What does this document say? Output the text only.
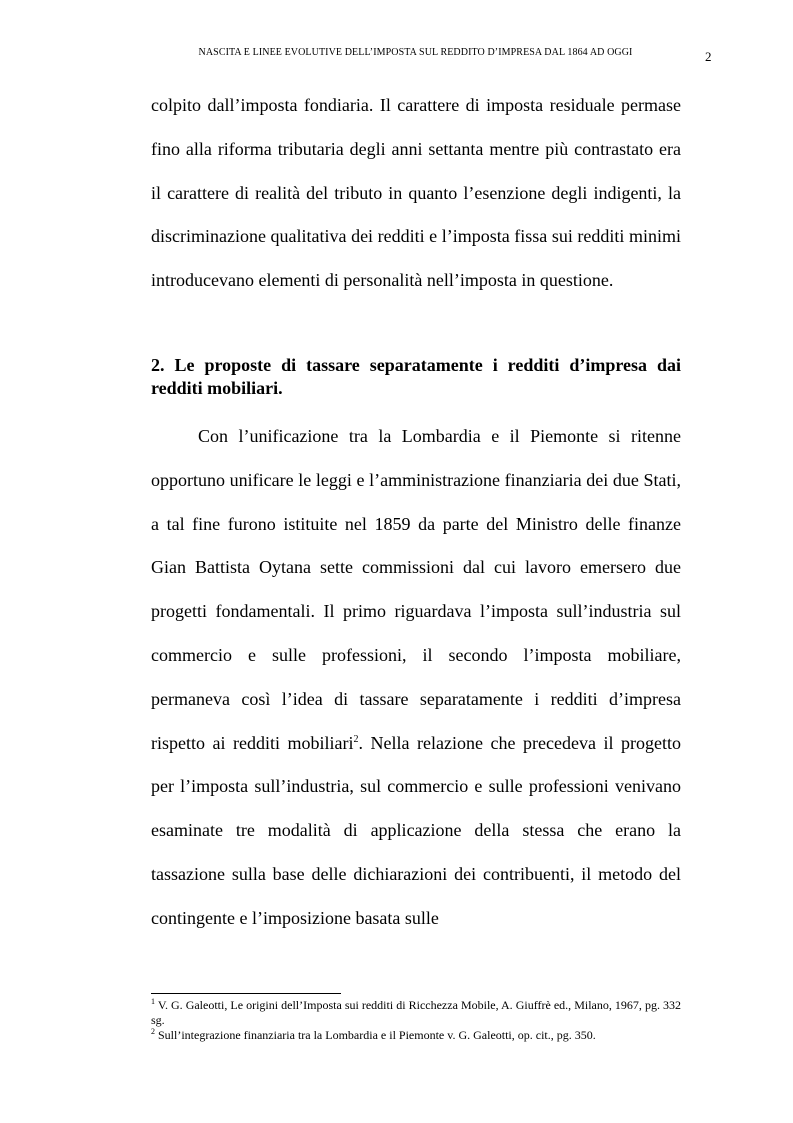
NASCITA E LINEE EVOLUTIVE DELL’IMPOSTA SUL REDDITO D’IMPRESA DAL 1864 AD OGGI	2

colpito dall’imposta fondiaria. Il carattere di imposta residuale permase fino alla riforma tributaria degli anni settanta mentre più contrastato era il carattere di realità del tributo in quanto l’esenzione degli indigenti, la discriminazione qualitativa dei redditi e l’imposta fissa sui redditi minimi introducevano elementi di personalità nell’imposta in questione.

2. Le proposte di tassare separatamente i redditi d’impresa dai redditi mobiliari.

Con l’unificazione tra la Lombardia e il Piemonte si ritenne opportuno unificare le leggi e l’amministrazione finanziaria dei due Stati, a tal fine furono istituite nel 1859 da parte del Ministro delle finanze Gian Battista Oytana sette commissioni dal cui lavoro emersero due progetti fondamentali. Il primo riguardava l’imposta sull’industria sul commercio e sulle professioni, il secondo l’imposta mobiliare, permaneva così l’idea di tassare separatamente i redditi d’impresa rispetto ai redditi mobiliari$^2$. Nella relazione che precedeva il progetto per l’imposta sull’industria, sul commercio e sulle professioni venivano esaminate tre modalità di applicazione della stessa che erano la tassazione sulla base delle dichiarazioni dei contribuenti, il metodo del contingente e l’imposizione basata sulle

$^1$ V. G. Galeotti, Le origini dell’Imposta sui redditi di Ricchezza Mobile, A. Giuffrè ed., Milano, 1967, pg. 332 sg.

$^2$ Sull’integrazione finanziaria tra la Lombardia e il Piemonte v. G. Galeotti, op. cit., pg. 350.
